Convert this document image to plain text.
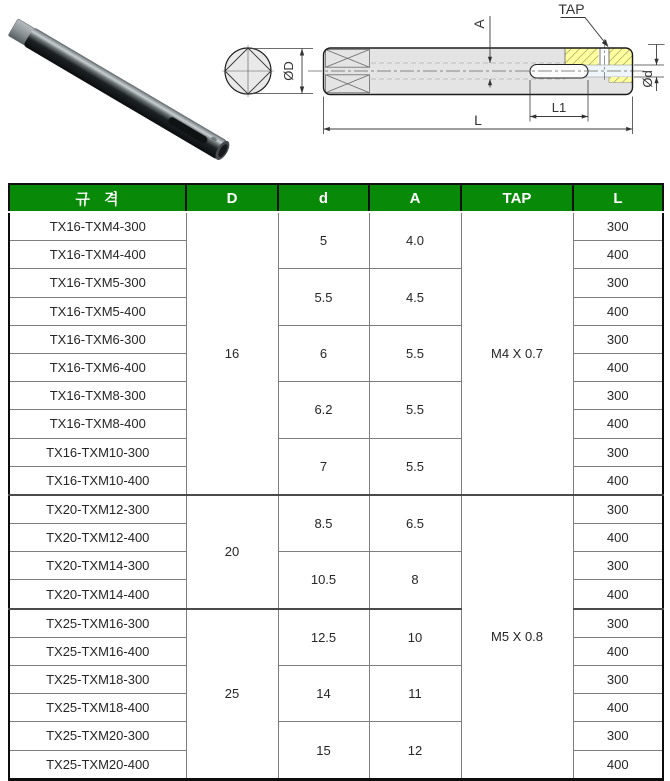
ØD
A
TAP
L1
L
Ød
규 격	D	d	A	TAP	L
TX16-TXM4-300	16	5	4.0	M4 X 0.7	300
TX16-TXM4-400					400
TX16-TXM5-300		5.5	4.5		300
TX16-TXM5-400					400
TX16-TXM6-300		6	5.5		300
TX16-TXM6-400					400
TX16-TXM8-300		6.2	5.5		300
TX16-TXM8-400					400
TX16-TXM10-300		7	5.5		300
TX16-TXM10-400					400
TX20-TXM12-300	20	8.5	6.5	M5 X 0.8	300
TX20-TXM12-400					400
TX20-TXM14-300		10.5	8		300
TX20-TXM14-400					400
TX25-TXM16-300	25	12.5	10		300
TX25-TXM16-400					400
TX25-TXM18-300		14	11		300
TX25-TXM18-400					400
TX25-TXM20-300		15	12		300
TX25-TXM20-400					400
